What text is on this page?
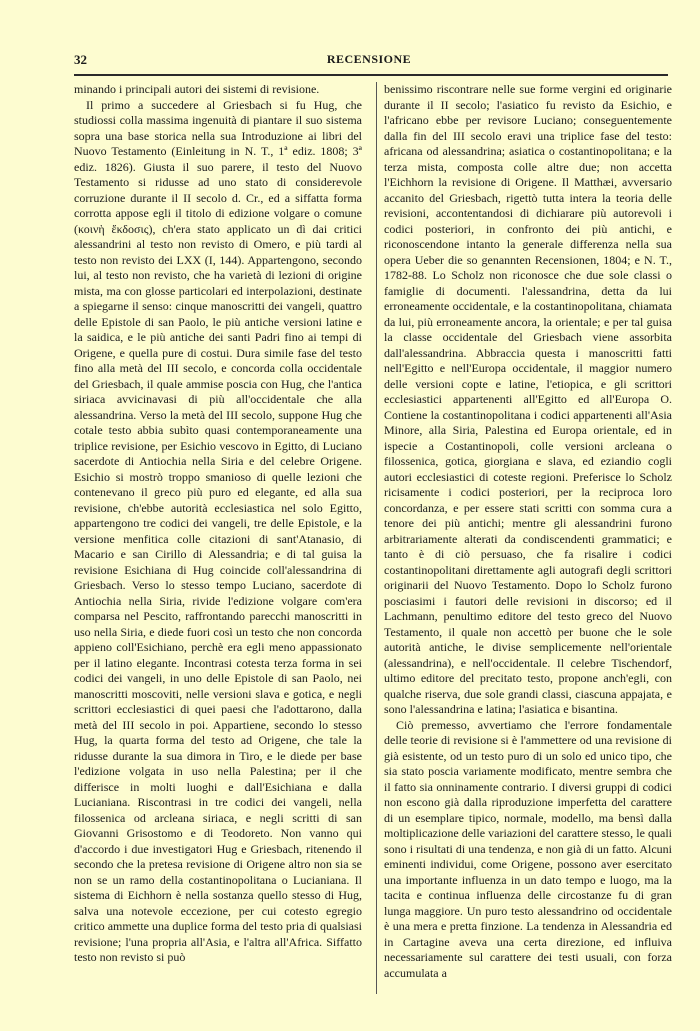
32	RECENSIONE

minando i principali autori dei sistemi di revisione.

Il primo a succedere al Griesbach si fu Hug, che studiossi colla massima ingenuità di piantare il suo sistema sopra una base storica nella sua Introduzione ai libri del Nuovo Testamento (Einleitung in N. T., 1ª ediz. 1808; 3ª ediz. 1826). Giusta il suo parere, il testo del Nuovo Testamento si ridusse ad uno stato di considerevole corruzione durante il II secolo d. Cr., ed a siffatta forma corrotta appose egli il titolo di edizione volgare o comune (κοινὴ ἔκδοσις), ch'era stato applicato un dì dai critici alessandrini al testo non revisto di Omero, e più tardi al testo non revisto dei LXX (I, 144). Appartengono, secondo lui, al testo non revisto, che ha varietà di lezioni di origine mista, ma con glosse particolari ed interpolazioni, destinate a spiegarne il senso: cinque manoscritti dei vangeli, quattro delle Epistole di san Paolo, le più antiche versioni latine e la saidica, e le più antiche dei santi Padri fino ai tempi di Origene, e quella pure di costui. Dura simile fase del testo fino alla metà del III secolo, e concorda colla occidentale del Griesbach, il quale ammise poscia con Hug, che l'antica siriaca avvicinavasi di più all'occidentale che alla alessandrina. Verso la metà del III secolo, suppone Hug che cotale testo abbia subìto quasi contemporaneamente una triplice revisione, per Esichio vescovo in Egitto, di Luciano sacerdote di Antiochia nella Siria e del celebre Origene. Esichio si mostrò troppo smanioso di quelle lezioni che contenevano il greco più puro ed elegante, ed alla sua revisione, ch'ebbe autorità ecclesiastica nel solo Egitto, appartengono tre codici dei vangeli, tre delle Epistole, e la versione menfitica colle citazioni di sant'Atanasio, di Macario e san Cirillo di Alessandria; e di tal guisa la revisione Esichiana di Hug coincide coll'alessandrina di Griesbach. Verso lo stesso tempo Luciano, sacerdote di Antiochia nella Siria, rivide l'edizione volgare com'era comparsa nel Pescito, raffrontando parecchi manoscritti in uso nella Siria, e diede fuori così un testo che non concorda appieno coll'Esichiano, perchè era egli meno appassionato per il latino elegante. Incontrasi cotesta terza forma in sei codici dei vangeli, in uno delle Epistole di san Paolo, nei manoscritti moscoviti, nelle versioni slava e gotica, e negli scrittori ecclesiastici di quei paesi che l'adottarono, dalla metà del III secolo in poi. Appartiene, secondo lo stesso Hug, la quarta forma del testo ad Origene, che tale la ridusse durante la sua dimora in Tiro, e le diede per base l'edizione volgata in uso nella Palestina; per il che differisce in molti luoghi e dall'Esichiana e dalla Lucianiana. Riscontrasi in tre codici dei vangeli, nella filossenica od arcleana siriaca, e negli scritti di san Giovanni Grisostomo e di Teodoreto. Non vanno qui d'accordo i due investigatori Hug e Griesbach, ritenendo il secondo che la pretesa revisione di Origene altro non sia se non se un ramo della costantinopolitana o Lucianiana. Il sistema di Eichhorn è nella sostanza quello stesso di Hug, salva una notevole eccezione, per cui cotesto egregio critico ammette una duplice forma del testo pria di qualsiasi revisione; l'una propria all'Asia, e l'altra all'Africa. Siffatto testo non revisto si può

benissimo riscontrare nelle sue forme vergini ed originarie durante il II secolo; l'asiatico fu revisto da Esichio, e l'africano ebbe per revisore Luciano; conseguentemente dalla fin del III secolo eravi una triplice fase del testo: africana od alessandrina; asiatica o costantinopolitana; e la terza mista, composta colle altre due; non accetta l'Eichhorn la revisione di Origene. Il Matthæi, avversario accanito del Griesbach, rigettò tutta intera la teoria delle revisioni, accontentandosi di dichiarare più autorevoli i codici posteriori, in confronto dei più antichi, e riconoscendone intanto la generale differenza nella sua opera Ueber die so genannten Recensionen, 1804; e N. T., 1782-88. Lo Scholz non riconosce che due sole classi o famiglie di documenti. l'alessandrina, detta da lui erroneamente occidentale, e la costantinopolitana, chiamata da lui, più erroneamente ancora, la orientale; e per tal guisa la classe occidentale del Griesbach viene assorbita dall'alessandrina. Abbraccia questa i manoscritti fatti nell'Egitto e nell'Europa occidentale, il maggior numero delle versioni copte e latine, l'etiopica, e gli scrittori ecclesiastici appartenenti all'Egitto ed all'Europa O. Contiene la costantinopolitana i codici appartenenti all'Asia Minore, alla Siria, Palestina ed Europa orientale, ed in ispecie a Costantinopoli, colle versioni arcleana o filossenica, gotica, giorgiana e slava, ed eziandio cogli autori ecclesiastici di coteste regioni. Preferisce lo Scholz ricisamente i codici posteriori, per la reciproca loro concordanza, e per essere stati scritti con somma cura a tenore dei più antichi; mentre gli alessandrini furono arbitrariamente alterati da condiscendenti grammatici; e tanto è di ciò persuaso, che fa risalire i codici costantinopolitani direttamente agli autografi degli scrittori originarii del Nuovo Testamento. Dopo lo Scholz furono posciasimi i fautori delle revisioni in discorso; ed il Lachmann, penultimo editore del testo greco del Nuovo Testamento, il quale non accettò per buone che le sole autorità antiche, le divise semplicemente nell'orientale (alessandrina), e nell'occidentale. Il celebre Tischendorf, ultimo editore del precitato testo, propone anch'egli, con qualche riserva, due sole grandi classi, ciascuna appajata, e sono l'alessandrina e latina; l'asiatica e bisantina.

Ciò premesso, avvertiamo che l'errore fondamentale delle teorie di revisione si è l'ammettere od una revisione di già esistente, od un testo puro di un solo ed unico tipo, che sia stato poscia variamente modificato, mentre sembra che il fatto sia onninamente contrario. I diversi gruppi di codici non escono già dalla riproduzione imperfetta del carattere di un esemplare tipico, normale, modello, ma bensì dalla moltiplicazione delle variazioni del carattere stesso, le quali sono i risultati di una tendenza, e non già di un fatto. Alcuni eminenti individui, come Origene, possono aver esercitato una importante influenza in un dato tempo e luogo, ma la tacita e continua influenza delle circostanze fu di gran lunga maggiore. Un puro testo alessandrino od occidentale è una mera e pretta finzione. La tendenza in Alessandria ed in Cartagine aveva una certa direzione, ed influiva necessariamente sul carattere dei testi usuali, con forza accumulata a
